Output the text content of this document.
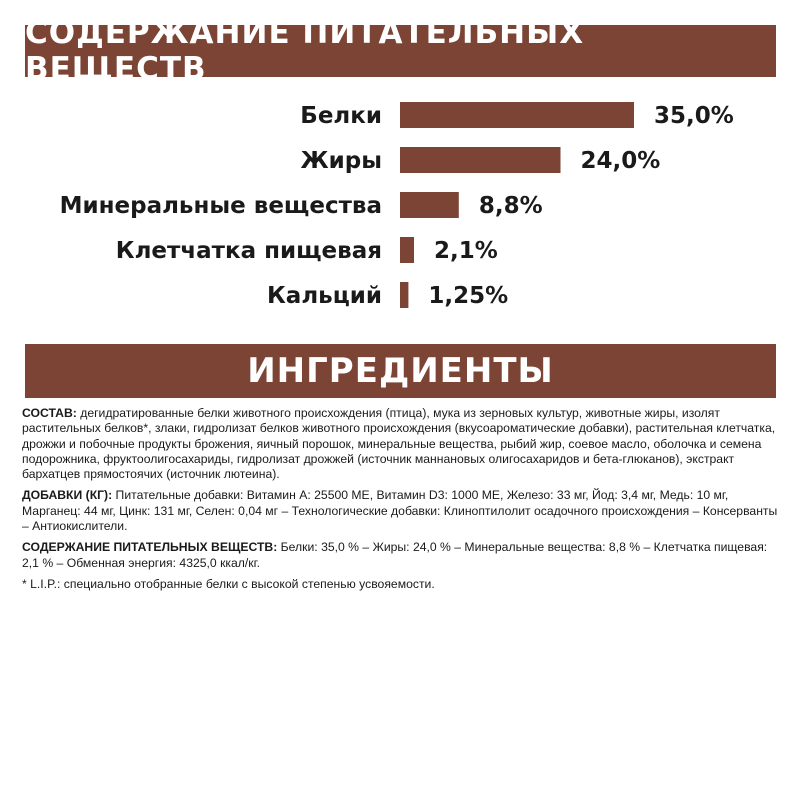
СОДЕРЖАНИЕ ПИТАТЕЛЬНЫХ ВЕЩЕСТВ
Белки	35,0%
Жиры	24,0%
Минеральные вещества	8,8%
Клетчатка пищевая 2,1%
Кальций 1,25%
ИНГРЕДИЕНТЫ

СОСТАВ: дегидратированные белки животного происхождения (птица), мука из зерновых культур, животные жиры, изолят растительных белков*, злаки, гидролизат белков животного происхождения (вкусоароматические добавки), растительная клетчатка, дрожжи и побочные продукты брожения, яичный порошок, минеральные вещества, рыбий жир, соевое масло, оболочка и семена подорожника, фруктоолигосахариды, гидролизат дрожжей (источник маннановых олигосахаридов и бета-глюканов), экстракт бархатцев прямостоячих (источник лютеина).

ДОБАВКИ (КГ): Питательные добавки: Витамин A: 25500 МЕ, Витамин D3: 1000 МЕ, Железо: 33 мг, Йод: 3,4 мг, Медь: 10 мг, Марганец: 44 мг, Цинк: 131 мг, Селен: 0,04 мг – Технологические добавки: Клиноптилолит осадочного происхождения – Консерванты – Антиокислители.

СОДЕРЖАНИЕ ПИТАТЕЛЬНЫХ ВЕЩЕСТВ: Белки: 35,0 % – Жиры: 24,0 % – Минеральные вещества: 8,8 % – Клетчатка пищевая: 2,1 % – Обменная энергия: 4325,0 ккал/кг.

* L.I.P.: специально отобранные белки с высокой степенью усвояемости.
